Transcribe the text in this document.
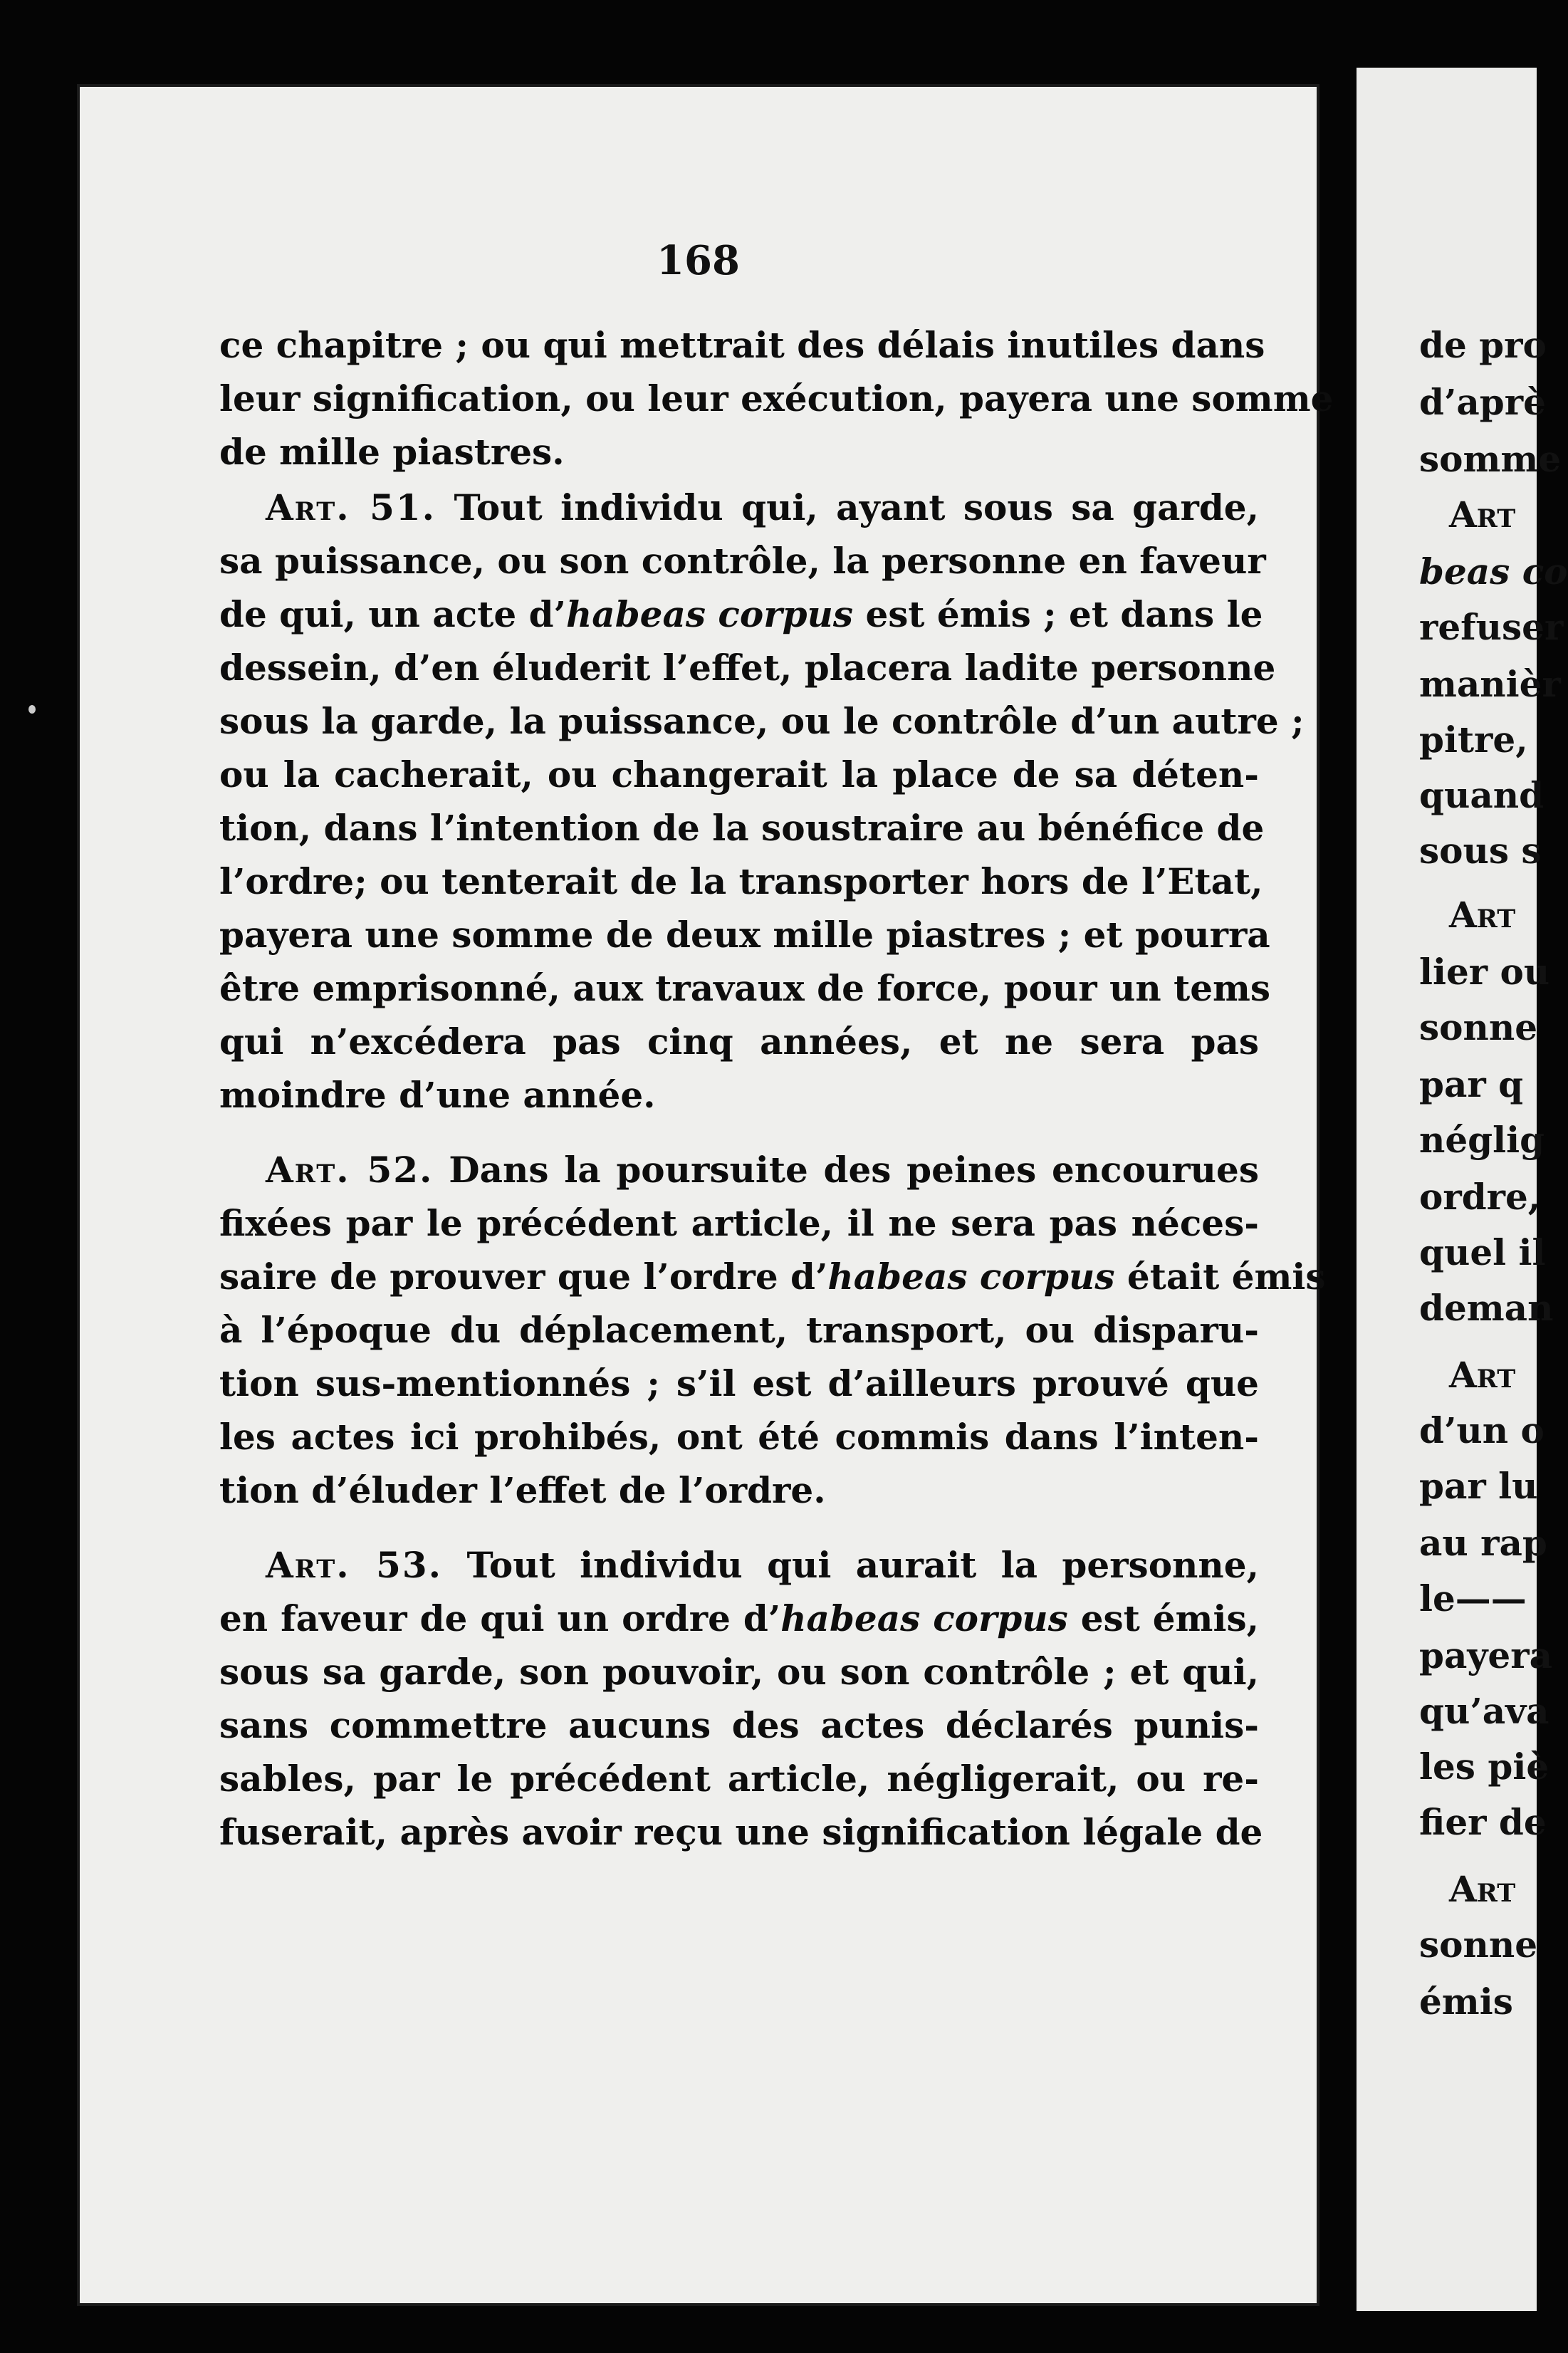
168
ce chapitre ; ou qui mettrait des délais inutiles dans
leur signification, ou leur exécution, payera une somme
de mille piastres.
Art. 51. Tout individu qui, ayant sous sa garde,
sa puissance, ou son contrôle, la personne en faveur
de qui, un acte d’habeas corpus est émis ; et dans le
dessein, d’en éluderit l’effet, placera ladite personne
sous la garde, la puissance, ou le contrôle d’un autre ;
ou la cacherait, ou changerait la place de sa déten-
tion, dans l’intention de la soustraire au bénéfice de
l’ordre; ou tenterait de la transporter hors de l’Etat,
payera une somme de deux mille piastres ; et pourra
être emprisonné, aux travaux de force, pour un tems
qui n’excédera pas cinq années, et ne sera pas
moindre d’une année.
Art. 52. Dans la poursuite des peines encourues
fixées par le précédent article, il ne sera pas néces-
saire de prouver que l’ordre d’habeas corpus était émis
à l’époque du déplacement, transport, ou disparu-
tion sus-mentionnés ; s’il est d’ailleurs prouvé que
les actes ici prohibés, ont été commis dans l’inten-
tion d’éluder l’effet de l’ordre.
Art. 53. Tout individu qui aurait la personne,
en faveur de qui un ordre d’habeas corpus est émis,
sous sa garde, son pouvoir, ou son contrôle ; et qui,
sans commettre aucuns des actes déclarés punis-
sables, par le précédent article, négligerait, ou re-
fuserait, après avoir reçu une signification légale de
de pro
d’aprè
somme
Art
beas co
refuser
manièr
pitre,
quand
sous s
Art
lier ou
sonne
par q
néglig
ordre,
quel il
deman
Art
d’un o
par lu
au rap
le——
payera
qu’ava
les piè
fier de
Art
sonne
émis
